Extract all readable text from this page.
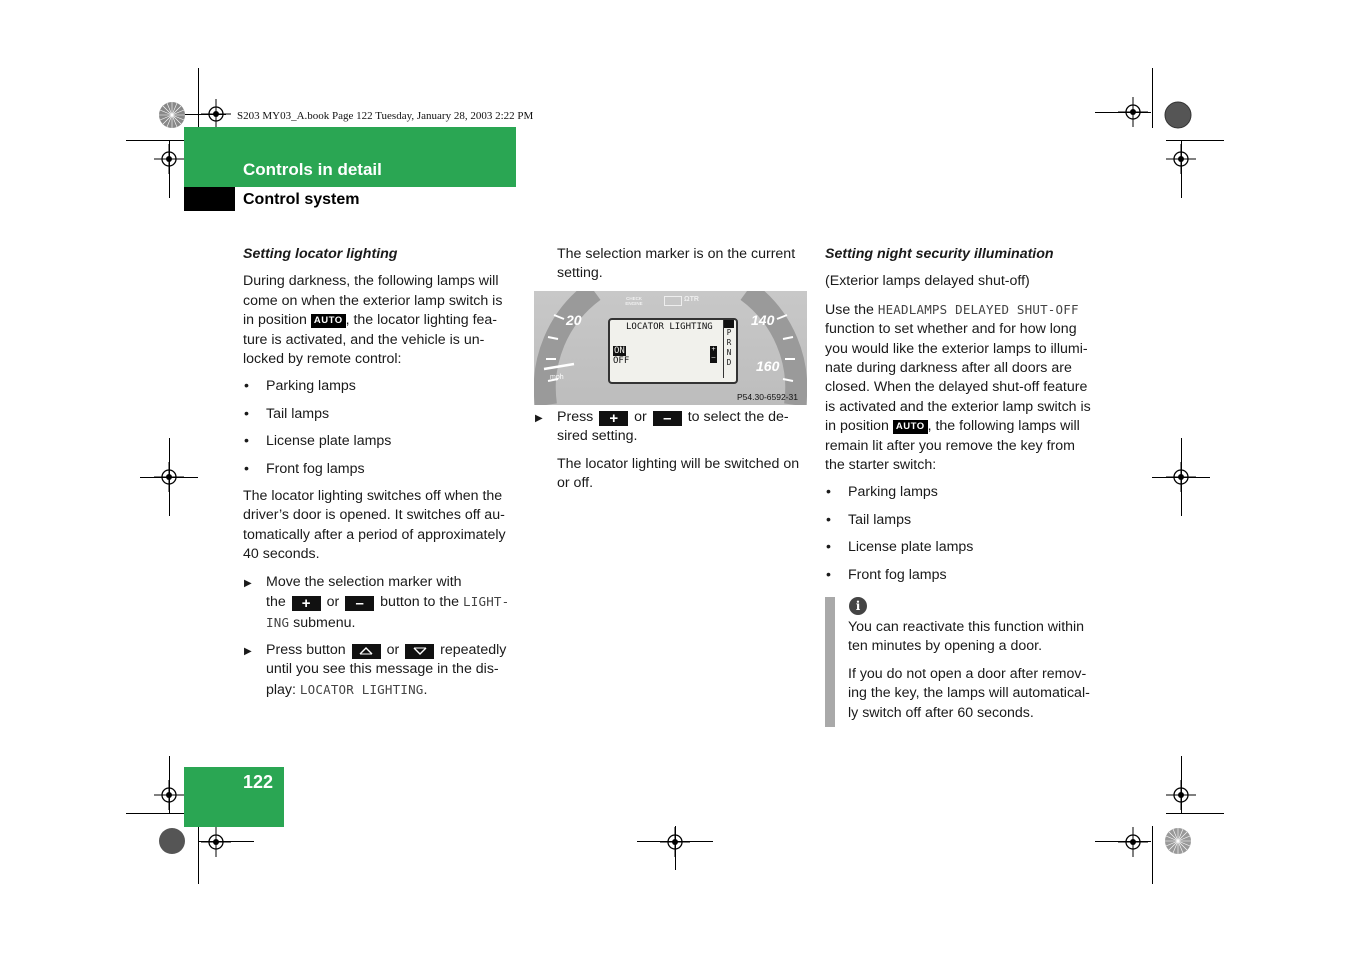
S203 MY03_A.book Page 122 Tuesday, January 28, 2003 2:22 PM
Controls in detail
Control system

Setting locator lighting

During darkness, the following lamps will
come on when the exterior lamp switch is
in position AUTO , the locator lighting fea-
ture is activated, and the vehicle is un-
locked by remote control:

• Parking lamps
• Tail lamps
• License plate lamps
• Front fog lamps

The locator lighting switches off when the
driver’s door is opened. It switches off au-
tomatically after a period of approximately
40 seconds.

▶ Move the selection marker with
the + or – button to the LIGHT-
ING submenu.
▶ Press button	or	repeatedly
until you see this message in the dis-
play: LOCATOR LIGHTING.

The selection marker is on the current
setting.

20	140
160
mph
CHECK ENGINE
ΩTR
LOCATOR LIGHTING
ON
OFF
+
–
P
R
N
D
P54.30-6592-31
▶ Press + or – to select the de-
sired setting.

The locator lighting will be switched on
or off.

Setting night security illumination

(Exterior lamps delayed shut-off)

Use the HEADLAMPS DELAYED SHUT-OFF
function to set whether and for how long
you would like the exterior lamps to illumi-
nate during darkness after all doors are
closed. When the delayed shut-off feature
is activated and the exterior lamp switch is
in position AUTO , the following lamps will
remain lit after you remove the key from
the starter switch:

• Parking lamps
• Tail lamps
• License plate lamps
• Front fog lamps
i

You can reactivate this function within
ten minutes by opening a door.

If you do not open a door after remov-
ing the key, the lamps will automatical-
ly switch off after 60 seconds.

122
